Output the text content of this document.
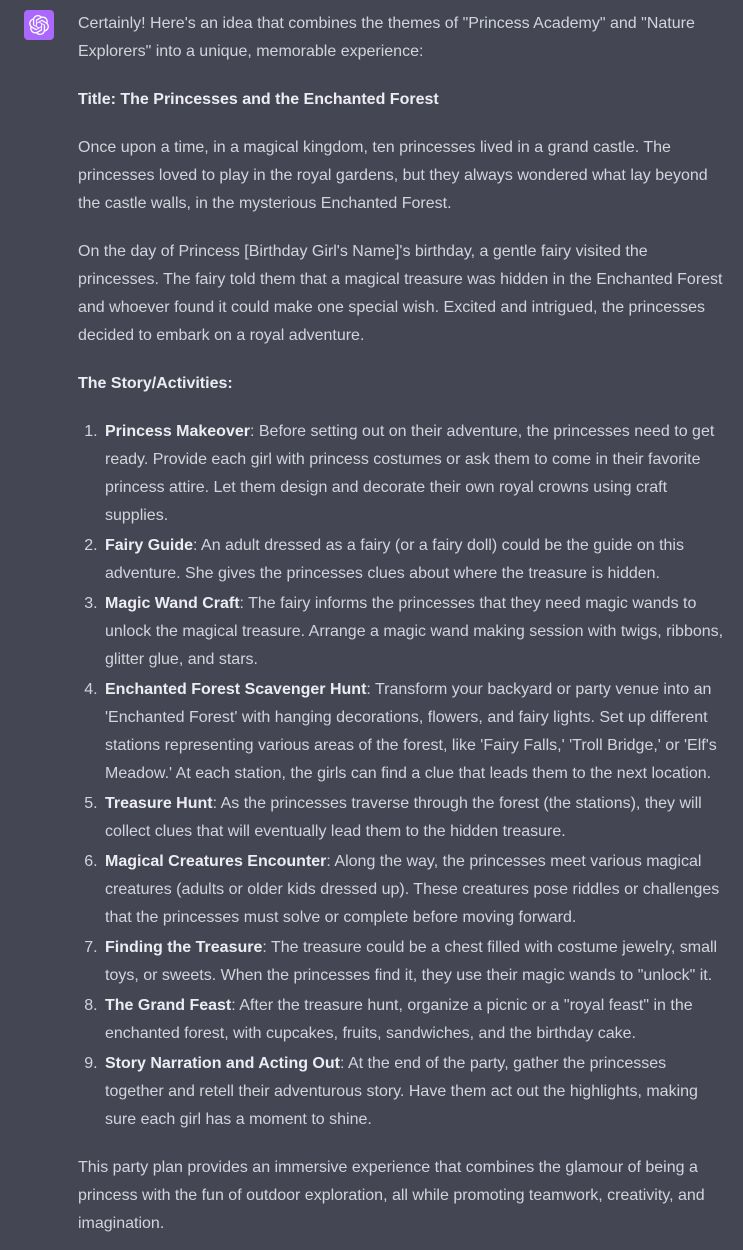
Certainly! Here's an idea that combines the themes of "Princess Academy" and "Nature Explorers" into a unique, memorable experience:

Title: The Princesses and the Enchanted Forest

Once upon a time, in a magical kingdom, ten princesses lived in a grand castle. The princesses loved to play in the royal gardens, but they always wondered what lay beyond the castle walls, in the mysterious Enchanted Forest.

On the day of Princess [Birthday Girl's Name]'s birthday, a gentle fairy visited the princesses. The fairy told them that a magical treasure was hidden in the Enchanted Forest and whoever found it could make one special wish. Excited and intrigued, the princesses decided to embark on a royal adventure.

The Story/Activities:

1. Princess Makeover: Before setting out on their adventure, the princesses need to get ready. Provide each girl with princess costumes or ask them to come in their favorite princess attire. Let them design and decorate their own royal crowns using craft supplies.
2. Fairy Guide: An adult dressed as a fairy (or a fairy doll) could be the guide on this adventure. She gives the princesses clues about where the treasure is hidden.
3. Magic Wand Craft: The fairy informs the princesses that they need magic wands to unlock the magical treasure. Arrange a magic wand making session with twigs, ribbons, glitter glue, and stars.
4. Enchanted Forest Scavenger Hunt: Transform your backyard or party venue into an 'Enchanted Forest' with hanging decorations, flowers, and fairy lights. Set up different stations representing various areas of the forest, like 'Fairy Falls,' 'Troll Bridge,' or 'Elf's Meadow.' At each station, the girls can find a clue that leads them to the next location.
5. Treasure Hunt: As the princesses traverse through the forest (the stations), they will collect clues that will eventually lead them to the hidden treasure.
6. Magical Creatures Encounter: Along the way, the princesses meet various magical creatures (adults or older kids dressed up). These creatures pose riddles or challenges that the princesses must solve or complete before moving forward.
7. Finding the Treasure: The treasure could be a chest filled with costume jewelry, small toys, or sweets. When the princesses find it, they use their magic wands to "unlock" it.
8. The Grand Feast: After the treasure hunt, organize a picnic or a "royal feast" in the enchanted forest, with cupcakes, fruits, sandwiches, and the birthday cake.
9. Story Narration and Acting Out: At the end of the party, gather the princesses together and retell their adventurous story. Have them act out the highlights, making sure each girl has a moment to shine.

This party plan provides an immersive experience that combines the glamour of being a princess with the fun of outdoor exploration, all while promoting teamwork, creativity, and imagination.
